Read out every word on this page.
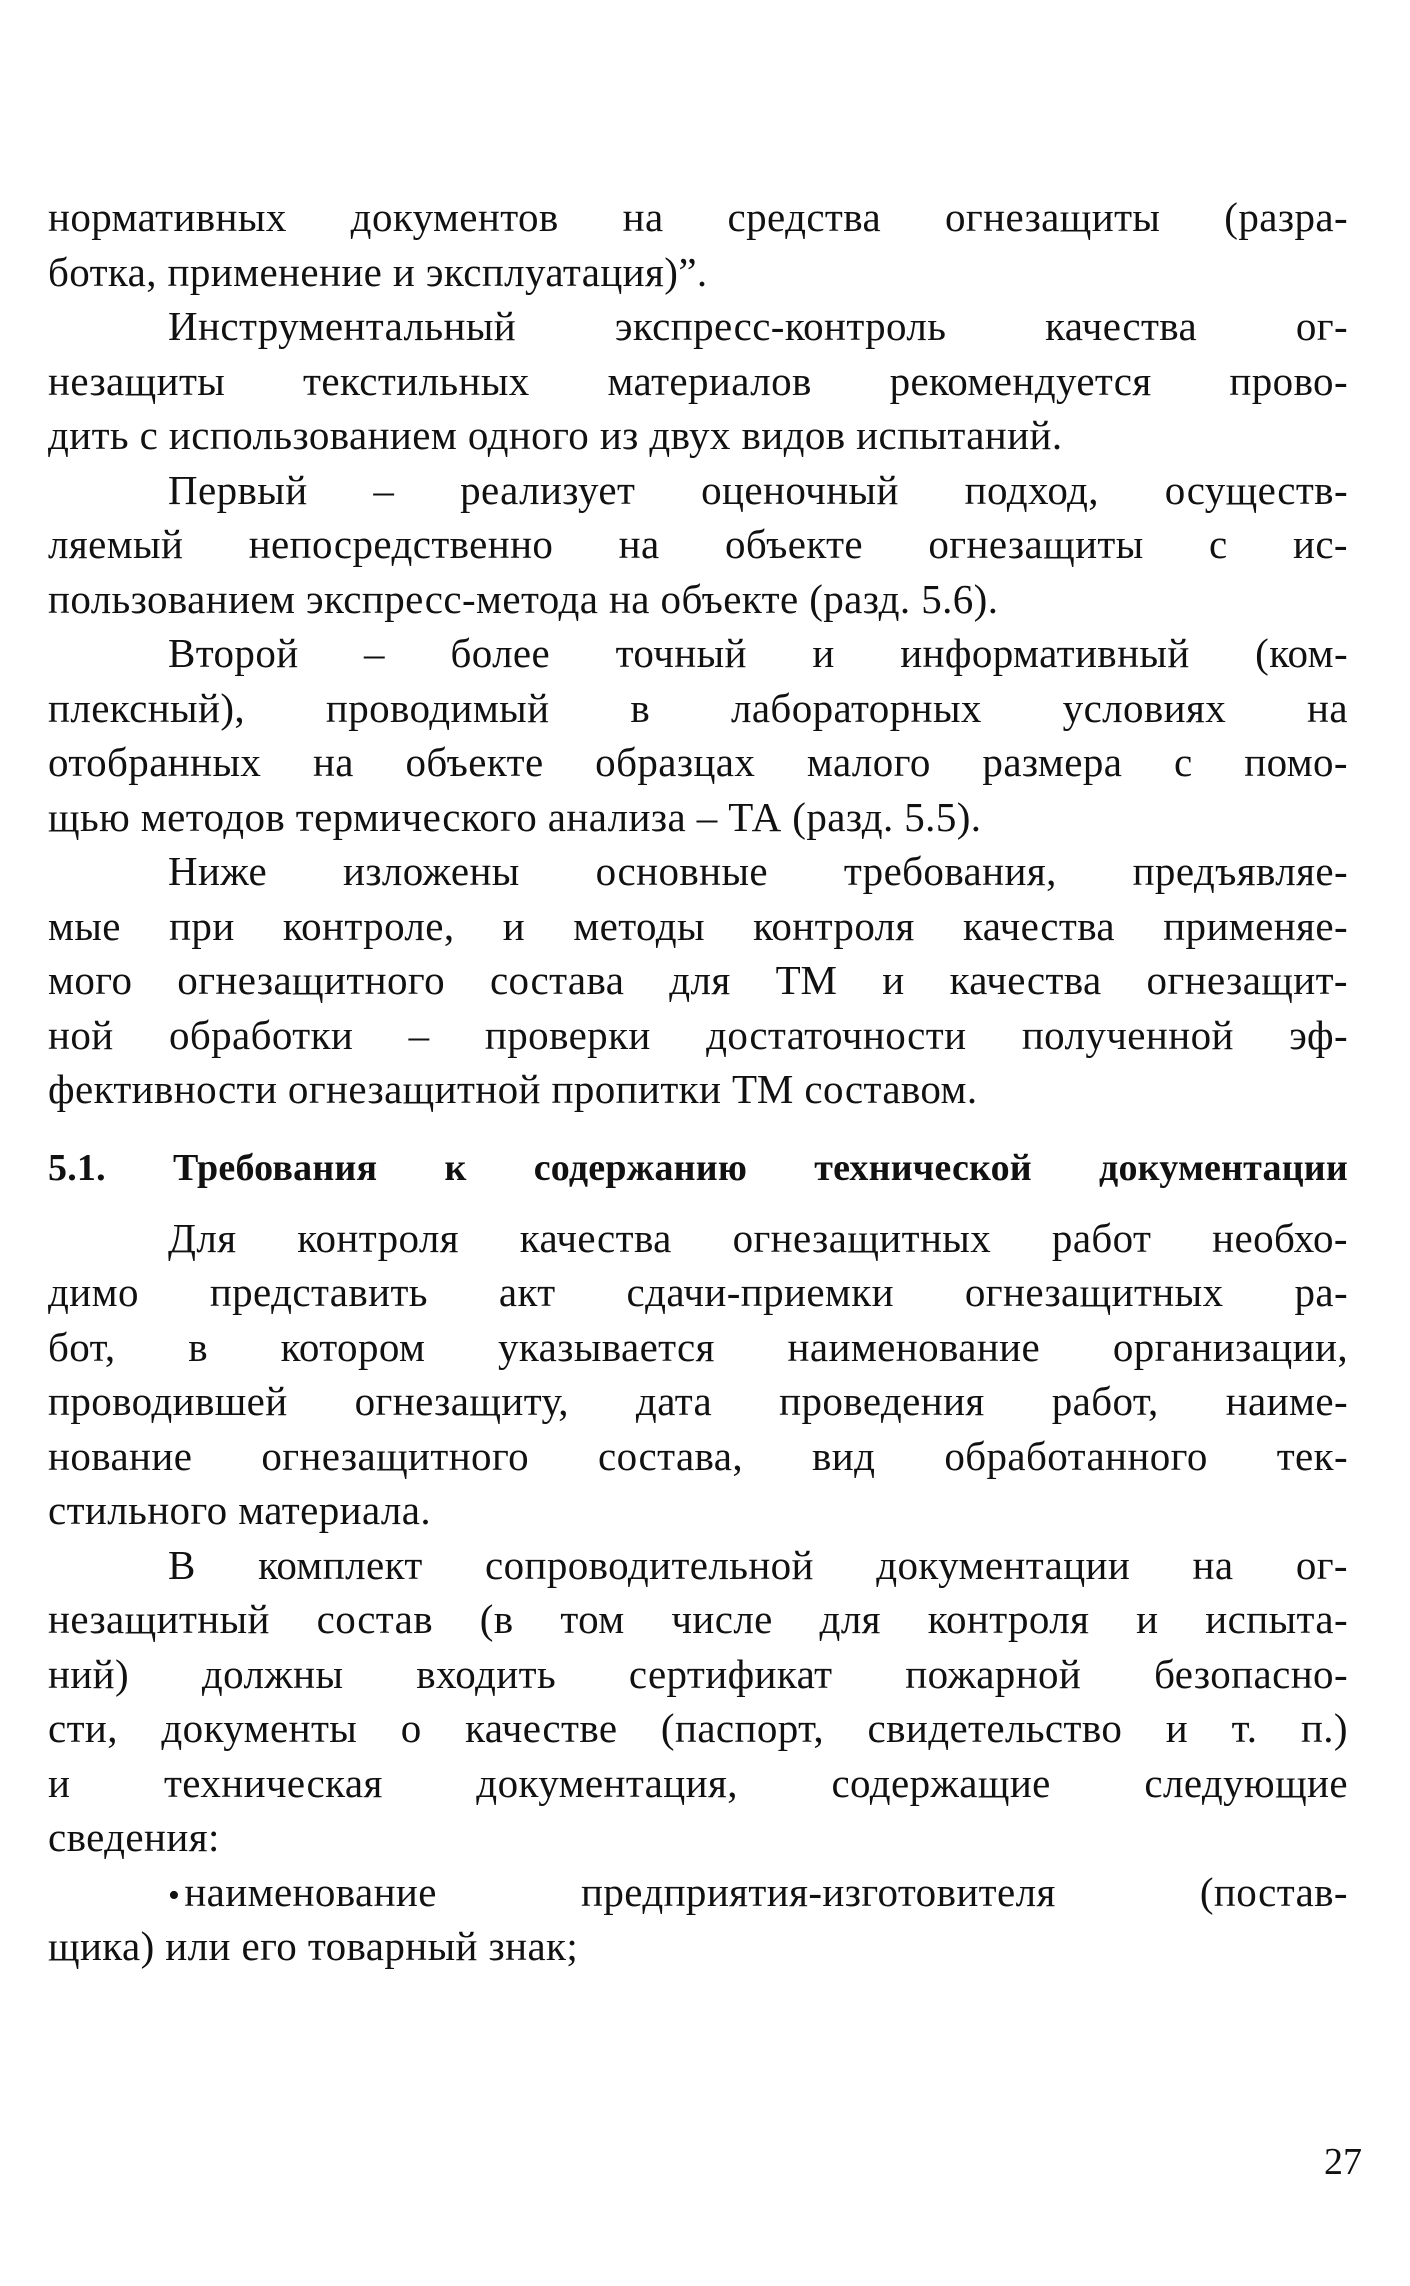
нормативных документов на средства огнезащиты (разра-
ботка, применение и эксплуатация)”.
Инструментальный экспресс-контроль качества ог-
незащиты текстильных материалов рекомендуется прово-
дить с использованием одного из двух видов испытаний.
Первый – реализует оценочный подход, осуществ-
ляемый непосредственно на объекте огнезащиты с ис-
пользованием экспресс-метода на объекте (разд. 5.6).
Второй – более точный и информативный (ком-
плексный), проводимый в лабораторных условиях на
отобранных на объекте образцах малого размера с помо-
щью методов термического анализа – ТА (разд. 5.5).
Ниже изложены основные требования, предъявляе-
мые при контроле, и методы контроля качества применяе-
мого огнезащитного состава для ТМ и качества огнезащит-
ной обработки – проверки достаточности полученной эф-
фективности огнезащитной пропитки ТМ составом.
5.1. Требования к содержанию технической документации
Для контроля качества огнезащитных работ необхо-
димо представить акт сдачи-приемки огнезащитных ра-
бот, в котором указывается наименование организации,
проводившей огнезащиту, дата проведения работ, наиме-
нование огнезащитного состава, вид обработанного тек-
стильного материала.
В комплект сопроводительной документации на ог-
незащитный состав (в том числе для контроля и испыта-
ний) должны входить сертификат пожарной безопасно-
сти, документы о качестве (паспорт, свидетельство и т. п.)
и техническая документация, содержащие следующие
сведения:
•наименование предприятия-изготовителя (постав-
щика) или его товарный знак;
27
